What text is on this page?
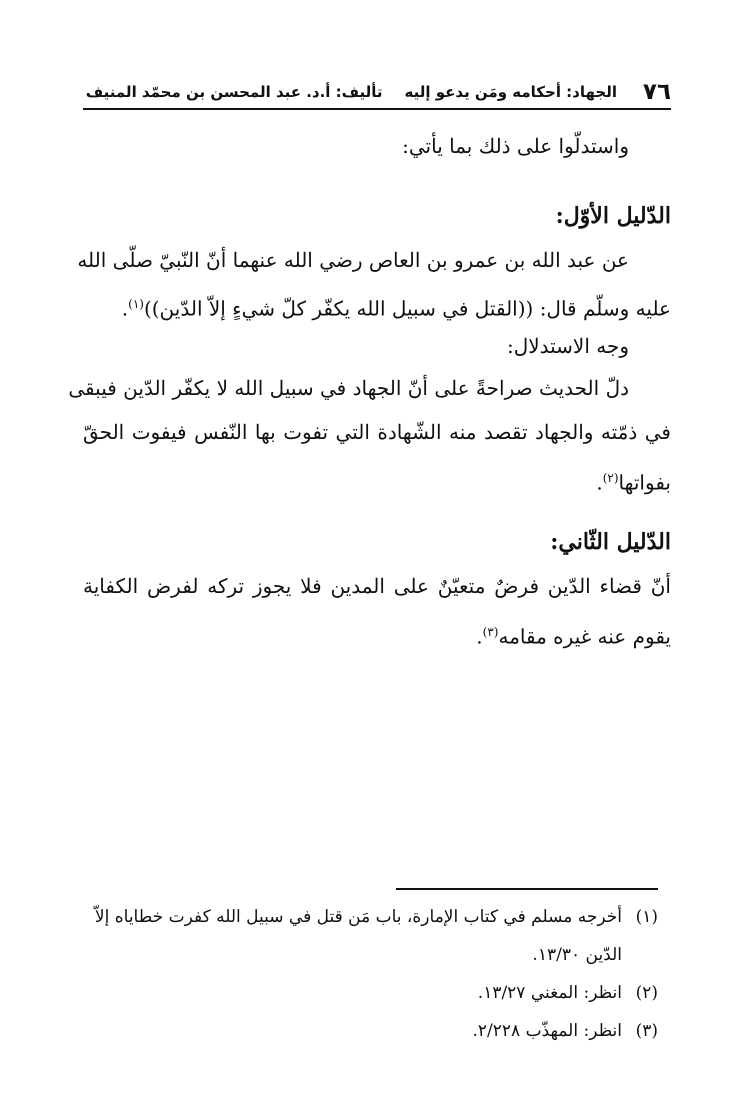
٧٦
الجهاد: أحكامه ومَن يدعو إليهتأليف: أ.د. عبد المحسن بن محمّد المنيف

واستدلّوا على ذلك بما يأتي:

الدّليل الأوّل:

عن عبد الله بن عمرو بن العاص رضي الله عنهما أنّ النّبيّ صلّى الله

عليه وسلّم قال: ((القتل في سبيل الله يكفّر كلّ شيءٍ إلاّ الدّين))$^{(١)}$.

وجه الاستدلال:

دلّ الحديث صراحةً على أنّ الجهاد في سبيل الله لا يكفّر الدّين فيبقى

في ذمّته والجهاد تقصد منه الشّهادة التي تفوت بها النّفس فيفوت الحقّ

بفواتها$^{(٢)}$.

الدّليل الثّاني:

أنّ قضاء الدّين فرضٌ متعيّنٌ على المدين فلا يجوز تركه لفرض الكفاية

يقوم عنه غيره مقامه$^{(٣)}$.

(١)أخرجه مسلم في كتاب الإمارة، باب مَن قتل في سبيل الله كفرت خطاياه إلاّ
الدّين ١٣/٣٠.
(٢)انظر: المغني ١٣/٢٧.
(٣)انظر: المهذّب ٢/٢٢٨.
